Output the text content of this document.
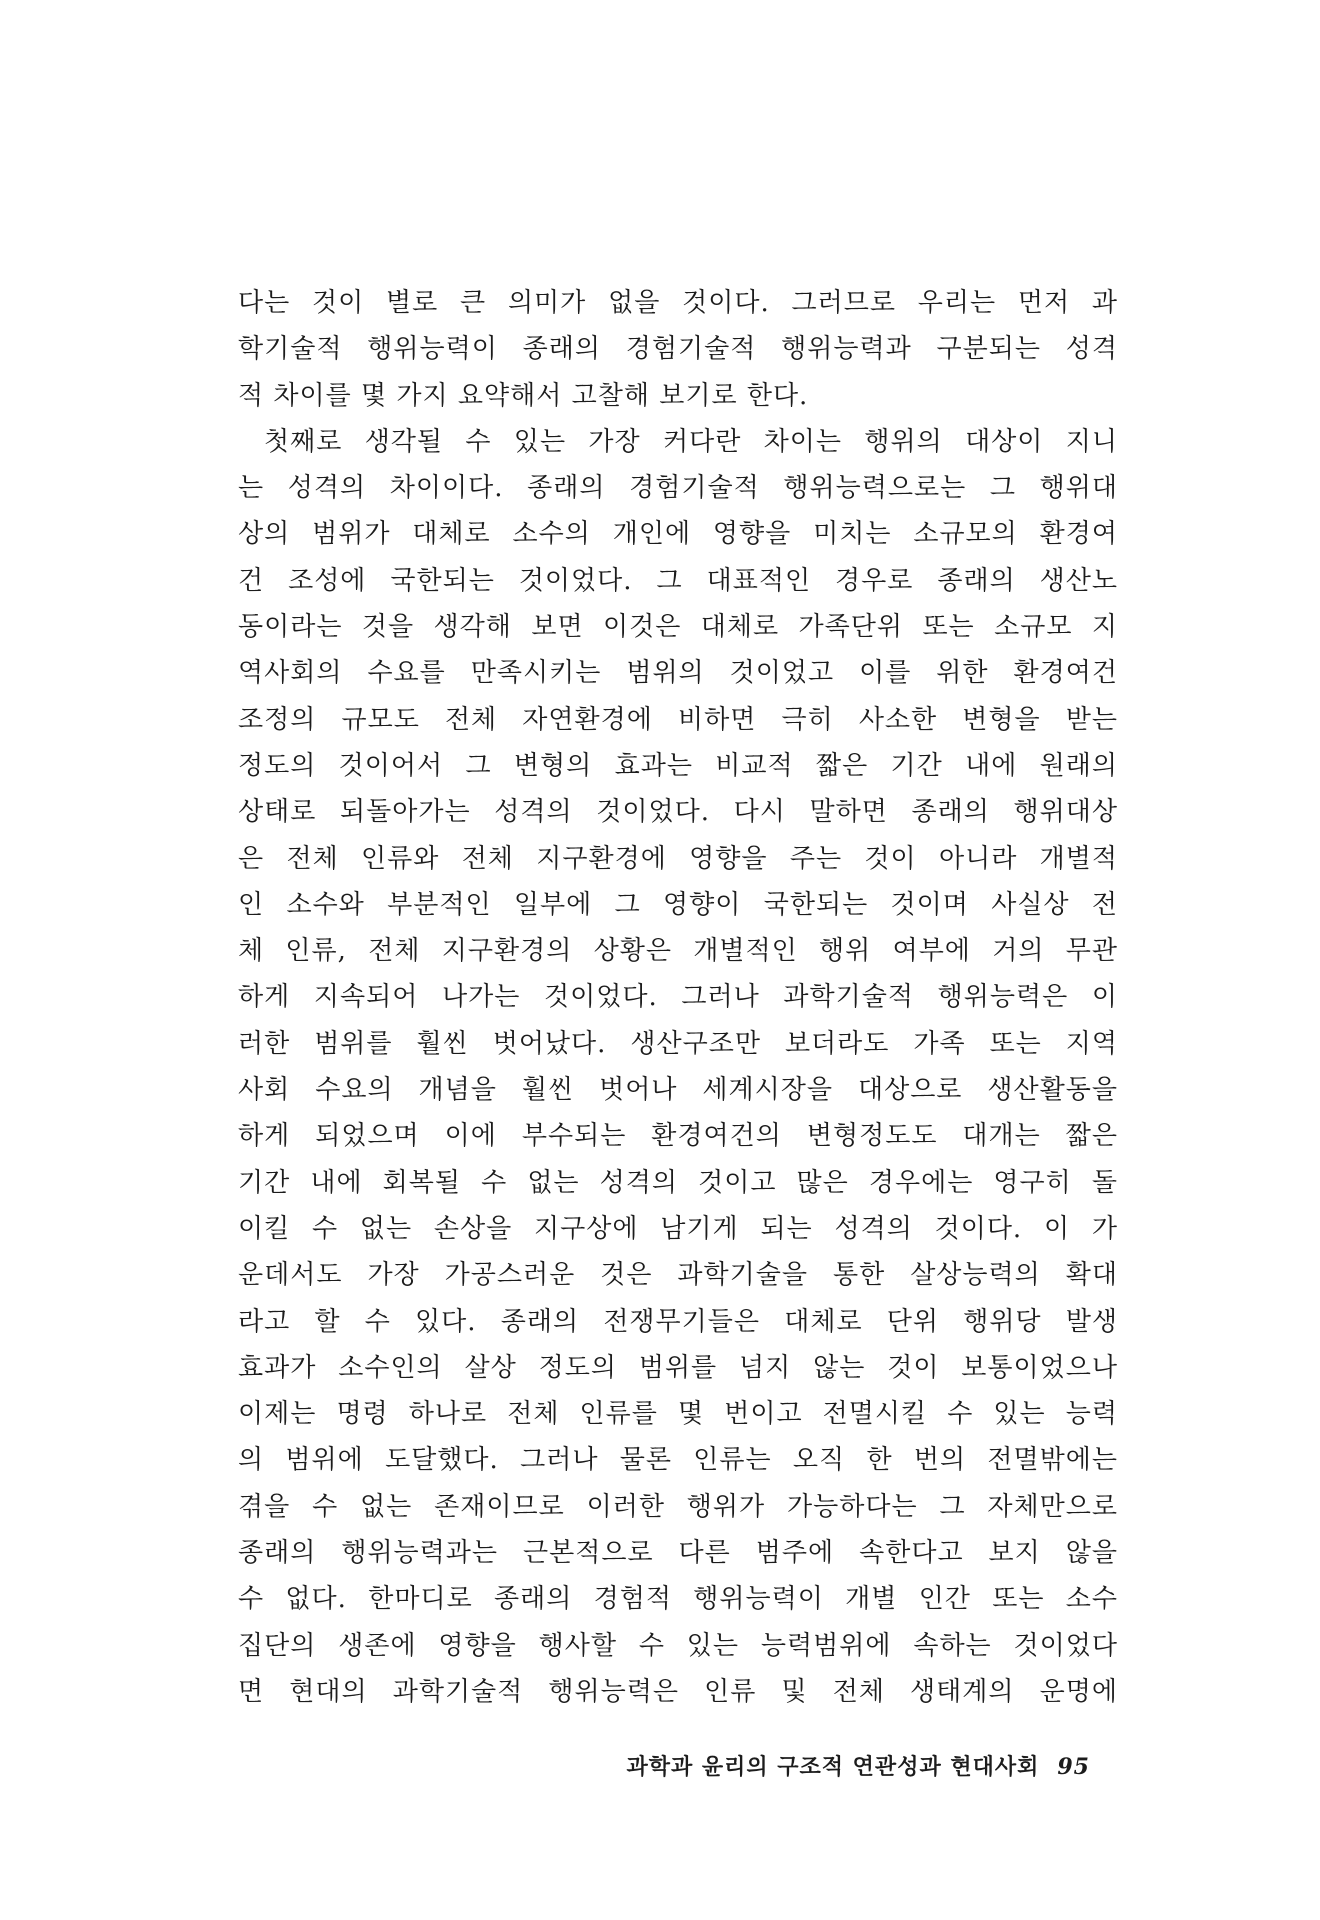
다는 것이 별로 큰 의미가 없을 것이다. 그러므로 우리는 먼저 과
학기술적 행위능력이 종래의 경험기술적 행위능력과 구분되는 성격
적 차이를 몇 가지 요약해서 고찰해 보기로 한다.
첫째로 생각될 수 있는 가장 커다란 차이는 행위의 대상이 지니
는 성격의 차이이다. 종래의 경험기술적 행위능력으로는 그 행위대
상의 범위가 대체로 소수의 개인에 영향을 미치는 소규모의 환경여
건 조성에 국한되는 것이었다. 그 대표적인 경우로 종래의 생산노
동이라는 것을 생각해 보면 이것은 대체로 가족단위 또는 소규모 지
역사회의 수요를 만족시키는 범위의 것이었고 이를 위한 환경여건
조정의 규모도 전체 자연환경에 비하면 극히 사소한 변형을 받는
정도의 것이어서 그 변형의 효과는 비교적 짧은 기간 내에 원래의
상태로 되돌아가는 성격의 것이었다. 다시 말하면 종래의 행위대상
은 전체 인류와 전체 지구환경에 영향을 주는 것이 아니라 개별적
인 소수와 부분적인 일부에 그 영향이 국한되는 것이며 사실상 전
체 인류, 전체 지구환경의 상황은 개별적인 행위 여부에 거의 무관
하게 지속되어 나가는 것이었다. 그러나 과학기술적 행위능력은 이
러한 범위를 훨씬 벗어났다. 생산구조만 보더라도 가족 또는 지역
사회 수요의 개념을 훨씬 벗어나 세계시장을 대상으로 생산활동을
하게 되었으며 이에 부수되는 환경여건의 변형정도도 대개는 짧은
기간 내에 회복될 수 없는 성격의 것이고 많은 경우에는 영구히 돌
이킬 수 없는 손상을 지구상에 남기게 되는 성격의 것이다. 이 가
운데서도 가장 가공스러운 것은 과학기술을 통한 살상능력의 확대
라고 할 수 있다. 종래의 전쟁무기들은 대체로 단위 행위당 발생
효과가 소수인의 살상 정도의 범위를 넘지 않는 것이 보통이었으나
이제는 명령 하나로 전체 인류를 몇 번이고 전멸시킬 수 있는 능력
의 범위에 도달했다. 그러나 물론 인류는 오직 한 번의 전멸밖에는
겪을 수 없는 존재이므로 이러한 행위가 가능하다는 그 자체만으로
종래의 행위능력과는 근본적으로 다른 범주에 속한다고 보지 않을
수 없다. 한마디로 종래의 경험적 행위능력이 개별 인간 또는 소수
집단의 생존에 영향을 행사할 수 있는 능력범위에 속하는 것이었다
면 현대의 과학기술적 행위능력은 인류 및 전체 생태계의 운명에
과학과 윤리의 구조적 연관성과 현대사회 95
